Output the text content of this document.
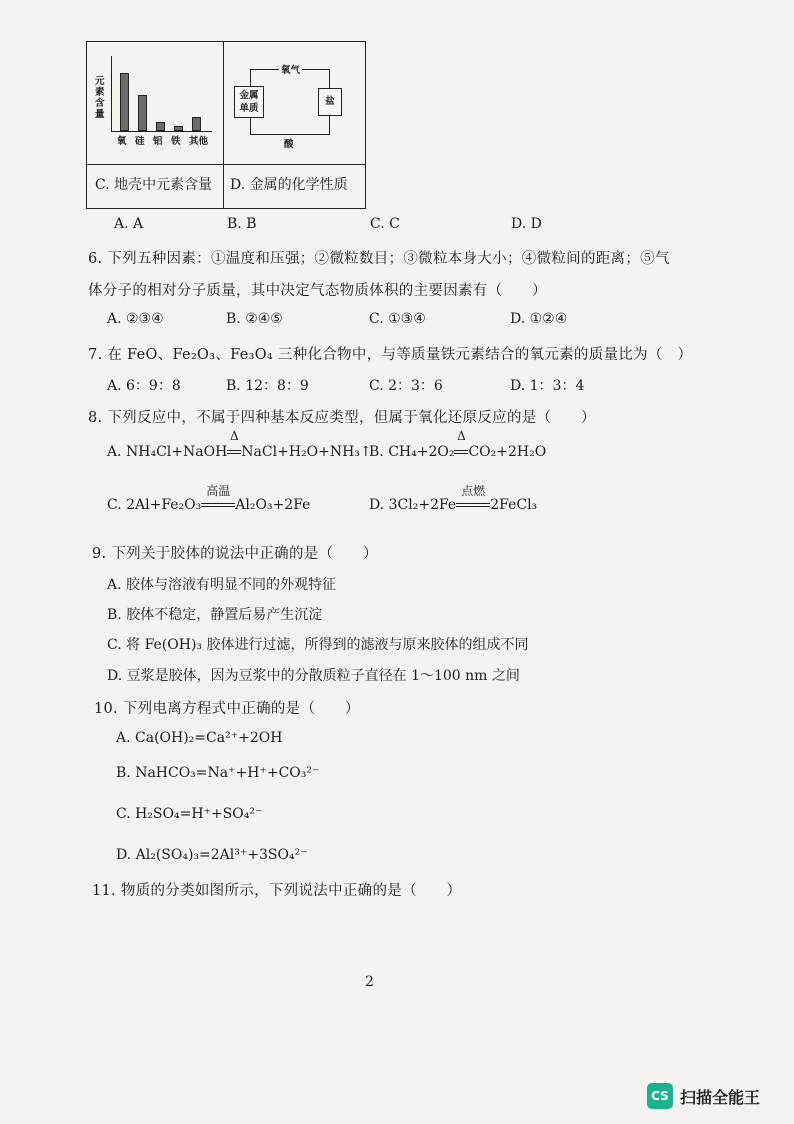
元素含量
氧 硅 铝 铁 其他
C. 地壳中元素含量
氧气
金属单质
盐
酸
D. 金属的化学性质
A. A	B. B	C. C	D. D
6. 下列五种因素：①温度和压强；②微粒数目；③微粒本身大小；④微粒间的距离；⑤气
体分子的相对分子质量，其中决定气态物质体积的主要因素有（　　）
A. ②③④	B. ②④⑤	C. ①③④	D. ①②④
7. 在 FeO、Fe₂O₃、Fe₃O₄ 三种化合物中，与等质量铁元素结合的氧元素的质量比为（　）
A. 6：9：8	B. 12：8：9	C. 2：3：6	D. 1：3：4
8. 下列反应中，不属于四种基本反应类型，但属于氧化还原反应的是（　　）
A. NH₄Cl+NaOH
Δ
NaCl+H₂O+NH₃↑
B. CH₄+2O₂
Δ
CO₂+2H₂O
C. 2Al+Fe₂O₃
高温
Al₂O₃+2Fe	D. 3Cl₂+2Fe
点燃
2FeCl₃
9. 下列关于胶体的说法中正确的是（　　）
A. 胶体与溶液有明显不同的外观特征
B. 胶体不稳定，静置后易产生沉淀
C. 将 Fe(OH)₃ 胶体进行过滤，所得到的滤液与原来胶体的组成不同
D. 豆浆是胶体，因为豆浆中的分散质粒子直径在 1～100 nm 之间
10. 下列电离方程式中正确的是（　　）
A. Ca(OH)₂=Ca²⁺+2OH
B. NaHCO₃=Na⁺+H⁺+CO₃²⁻
C. H₂SO₄=H⁺+SO₄²⁻
D. Al₂(SO₄)₃=2Al³⁺+3SO₄²⁻
11. 物质的分类如图所示，下列说法中正确的是（　　）
2
CS 扫描全能王
